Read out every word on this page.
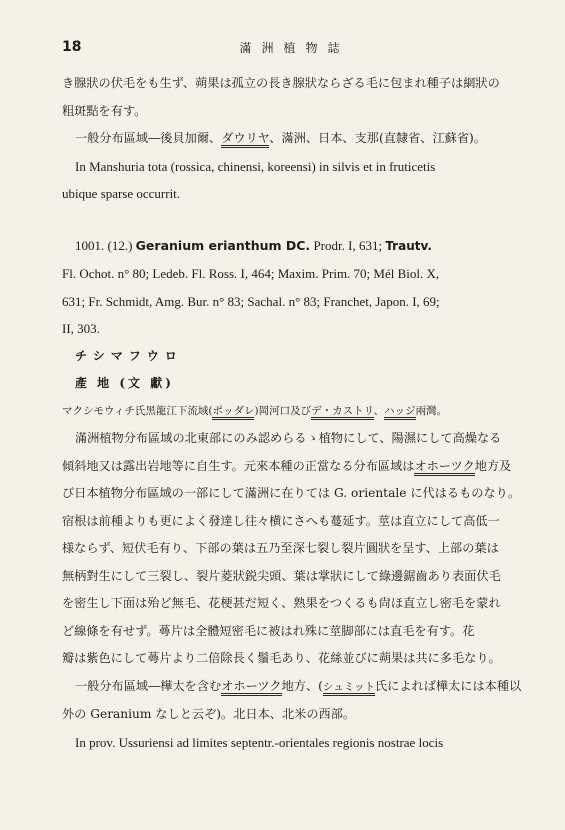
18	滿洲植物誌
き腺狀の伏毛をも生ず、蒴果は孤立の長き腺狀ならざる毛に包まれ種子は網狀の
粗斑點を有す。
一般分布區域―後貝加爾、ダウリヤ、滿洲、日本、支那(直隸省、江蘇省)。
In Manshuria tota (rossica, chinensi, koreensi) in silvis et in fruticetis
ubique sparse occurrit.
1001. (12.) Geranium erianthum DC. Prodr. I, 631; Trautv.
Fl. Ochot. n° 80; Ledeb. Fl. Ross. I, 464; Maxim. Prim. 70; Mél Biol. X,
631; Fr. Schmidt, Amg. Bur. n° 83; Sachal. n° 83; Franchet, Japon. I, 69;
II, 303.
チシマフウロ
產 地 (文 獻)
マクシモウィチ氏黑龍江下流域(ポッダレ)岡河口及びデ・カストリ、ハッジ兩灣。
滿洲植物分布區域の北東部にのみ認めらるゝ植物にして、陽濕にして高燥なる
傾斜地又は露出岩地等に自生す。元來本種の正當なる分布區域はオホーツク地方及
び日本植物分布區域の一部にして滿洲に在りては G. orientale に代はるものなり。
宿根は前種よりも更によく發達し往々横にさへも蔓延す。莖は直立にして高低一
様ならず、短伏毛有り、下部の葉は五乃至深七裂し裂片圓狀を呈す、上部の葉は
無柄對生にして三裂し、裂片菱狀鋭尖頭、葉は掌狀にして綠邊鋸齒あり表面伏毛
を密生し下面は殆ど無毛、花梗甚だ短く、熟果をつくるも尙ほ直立し密毛を蒙れ
ど線條を有せず。蕚片は全體短密毛に被はれ殊に莖脚部には直毛を有す。花
瓣は紫色にして蕚片より二倍除長く鬚毛あり、花絲並びに蒴果は共に多毛なり。
一般分布區域―樺太を含むオホーツク地方、(シュミット氏によれば樺太には本種以
外の Geranium なしと云ぞ)。北日本、北米の西部。
In prov. Ussuriensi ad limites septentr.-orientales regionis nostrae locis
